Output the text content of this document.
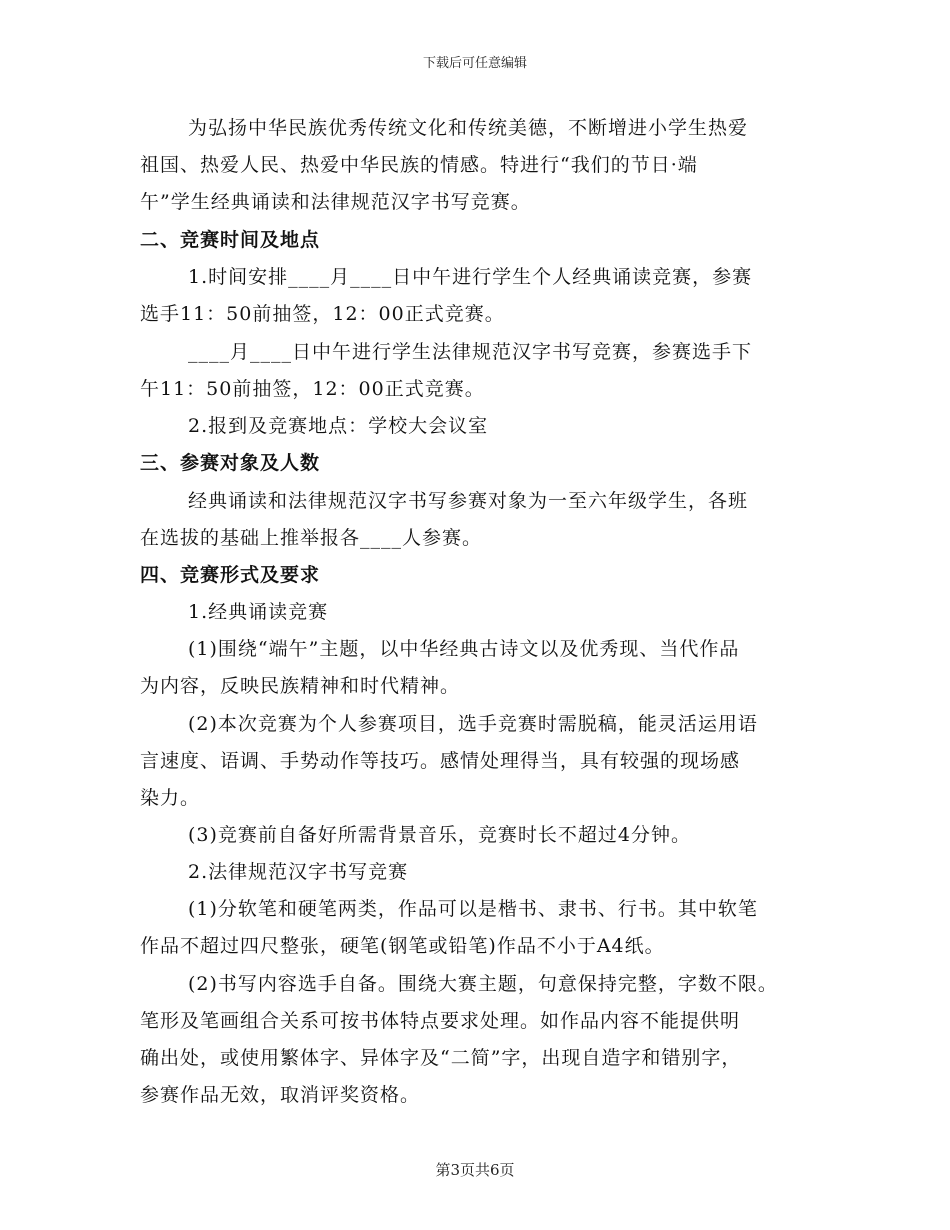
下载后可任意编辑
为弘扬中华民族优秀传统文化和传统美德，不断增进小学生热爱
祖国、热爱人民、热爱中华民族的情感。特进行“我们的节日·端
午”学生经典诵读和法律规范汉字书写竞赛。
二、竞赛时间及地点
1.时间安排____月____日中午进行学生个人经典诵读竞赛，参赛
选手11：50前抽签，12：00正式竞赛。
____月____日中午进行学生法律规范汉字书写竞赛，参赛选手下
午11：50前抽签，12：00正式竞赛。
2.报到及竞赛地点：学校大会议室
三、参赛对象及人数
经典诵读和法律规范汉字书写参赛对象为一至六年级学生，各班
在选拔的基础上推举报各____人参赛。
四、竞赛形式及要求
1.经典诵读竞赛
(1)围绕“端午”主题，以中华经典古诗文以及优秀现、当代作品
为内容，反映民族精神和时代精神。
(2)本次竞赛为个人参赛项目，选手竞赛时需脱稿，能灵活运用语
言速度、语调、手势动作等技巧。感情处理得当，具有较强的现场感
染力。
(3)竞赛前自备好所需背景音乐，竞赛时长不超过4分钟。
2.法律规范汉字书写竞赛
(1)分软笔和硬笔两类，作品可以是楷书、隶书、行书。其中软笔
作品不超过四尺整张，硬笔(钢笔或铅笔)作品不小于A4纸。
(2)书写内容选手自备。围绕大赛主题，句意保持完整，字数不限。
笔形及笔画组合关系可按书体特点要求处理。如作品内容不能提供明
确出处，或使用繁体字、异体字及“二简”字，出现自造字和错别字，
参赛作品无效，取消评奖资格。
第3页共6页
